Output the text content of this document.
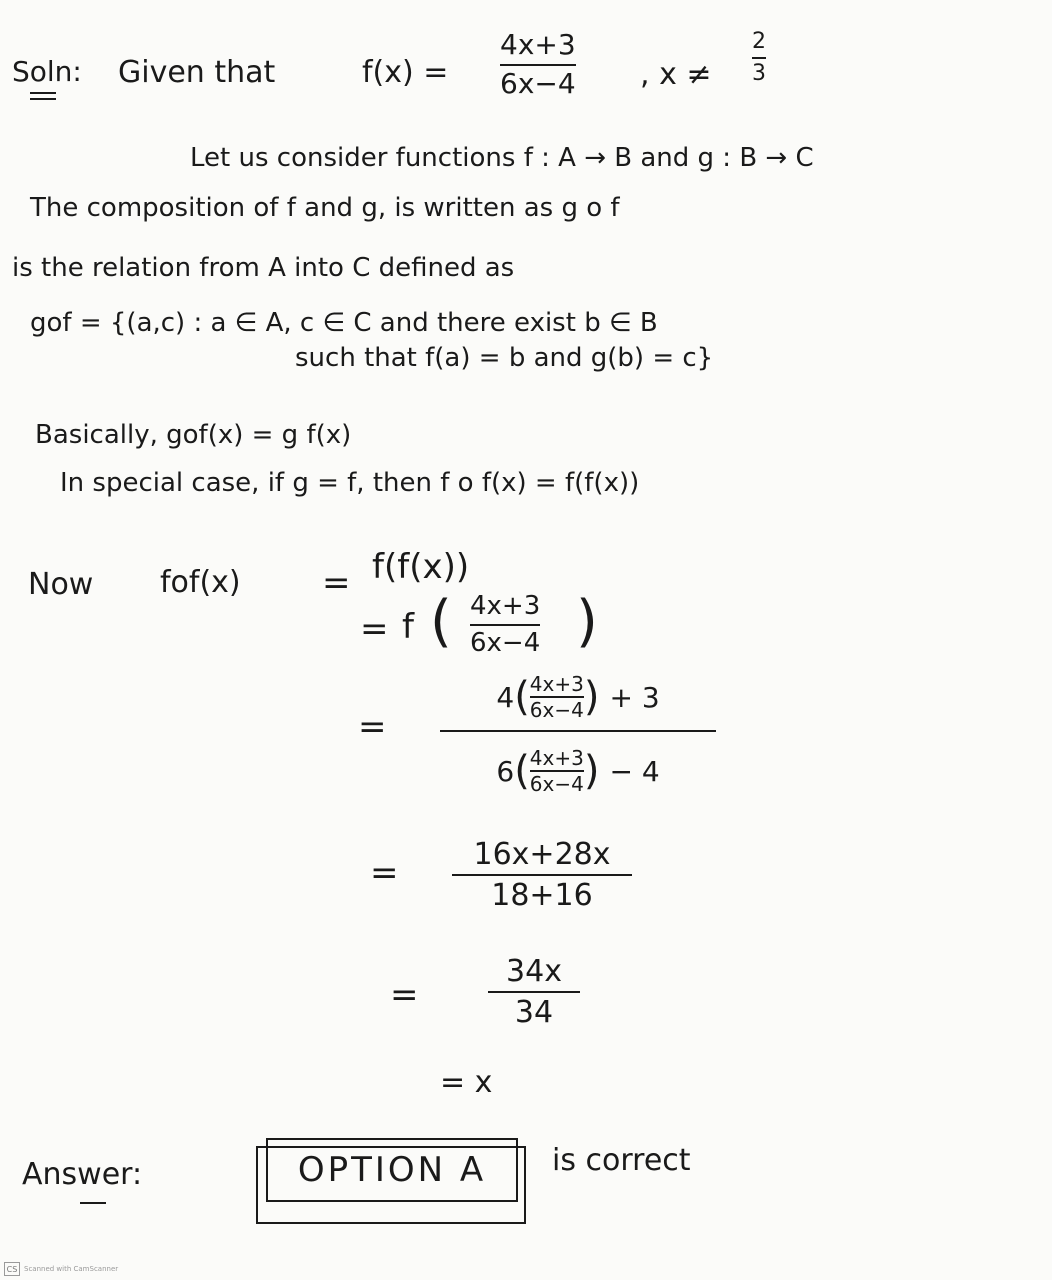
Soln: Given that	f(x) =
4x+3
6x−4 , x ≠
2
3
Let us consider functions f : A → B and g : B → C
The composition of f and g, is written as g o f
is the relation from A into C defined as
gof = {(a,c) : a ∈ A, c ∈ C and there exist b ∈ B
such that f(a) = b and g(b) = c}
Basically, gof(x) = g f(x)
In special case, if g = f, then f o f(x) = f(f(x))
Now fof(x) = f(f(x))
= f ( 4x+3
6x−4 )
=
4 ( $\frac{4x+3}{6x-4}$ ) + 3
6 ( $\frac{4x+3}{6x-4}$ ) − 4
=	16x+28x
18+16
=
34x
34
= x
Answer:	OPTION A is correct
CS Scanned with CamScanner
